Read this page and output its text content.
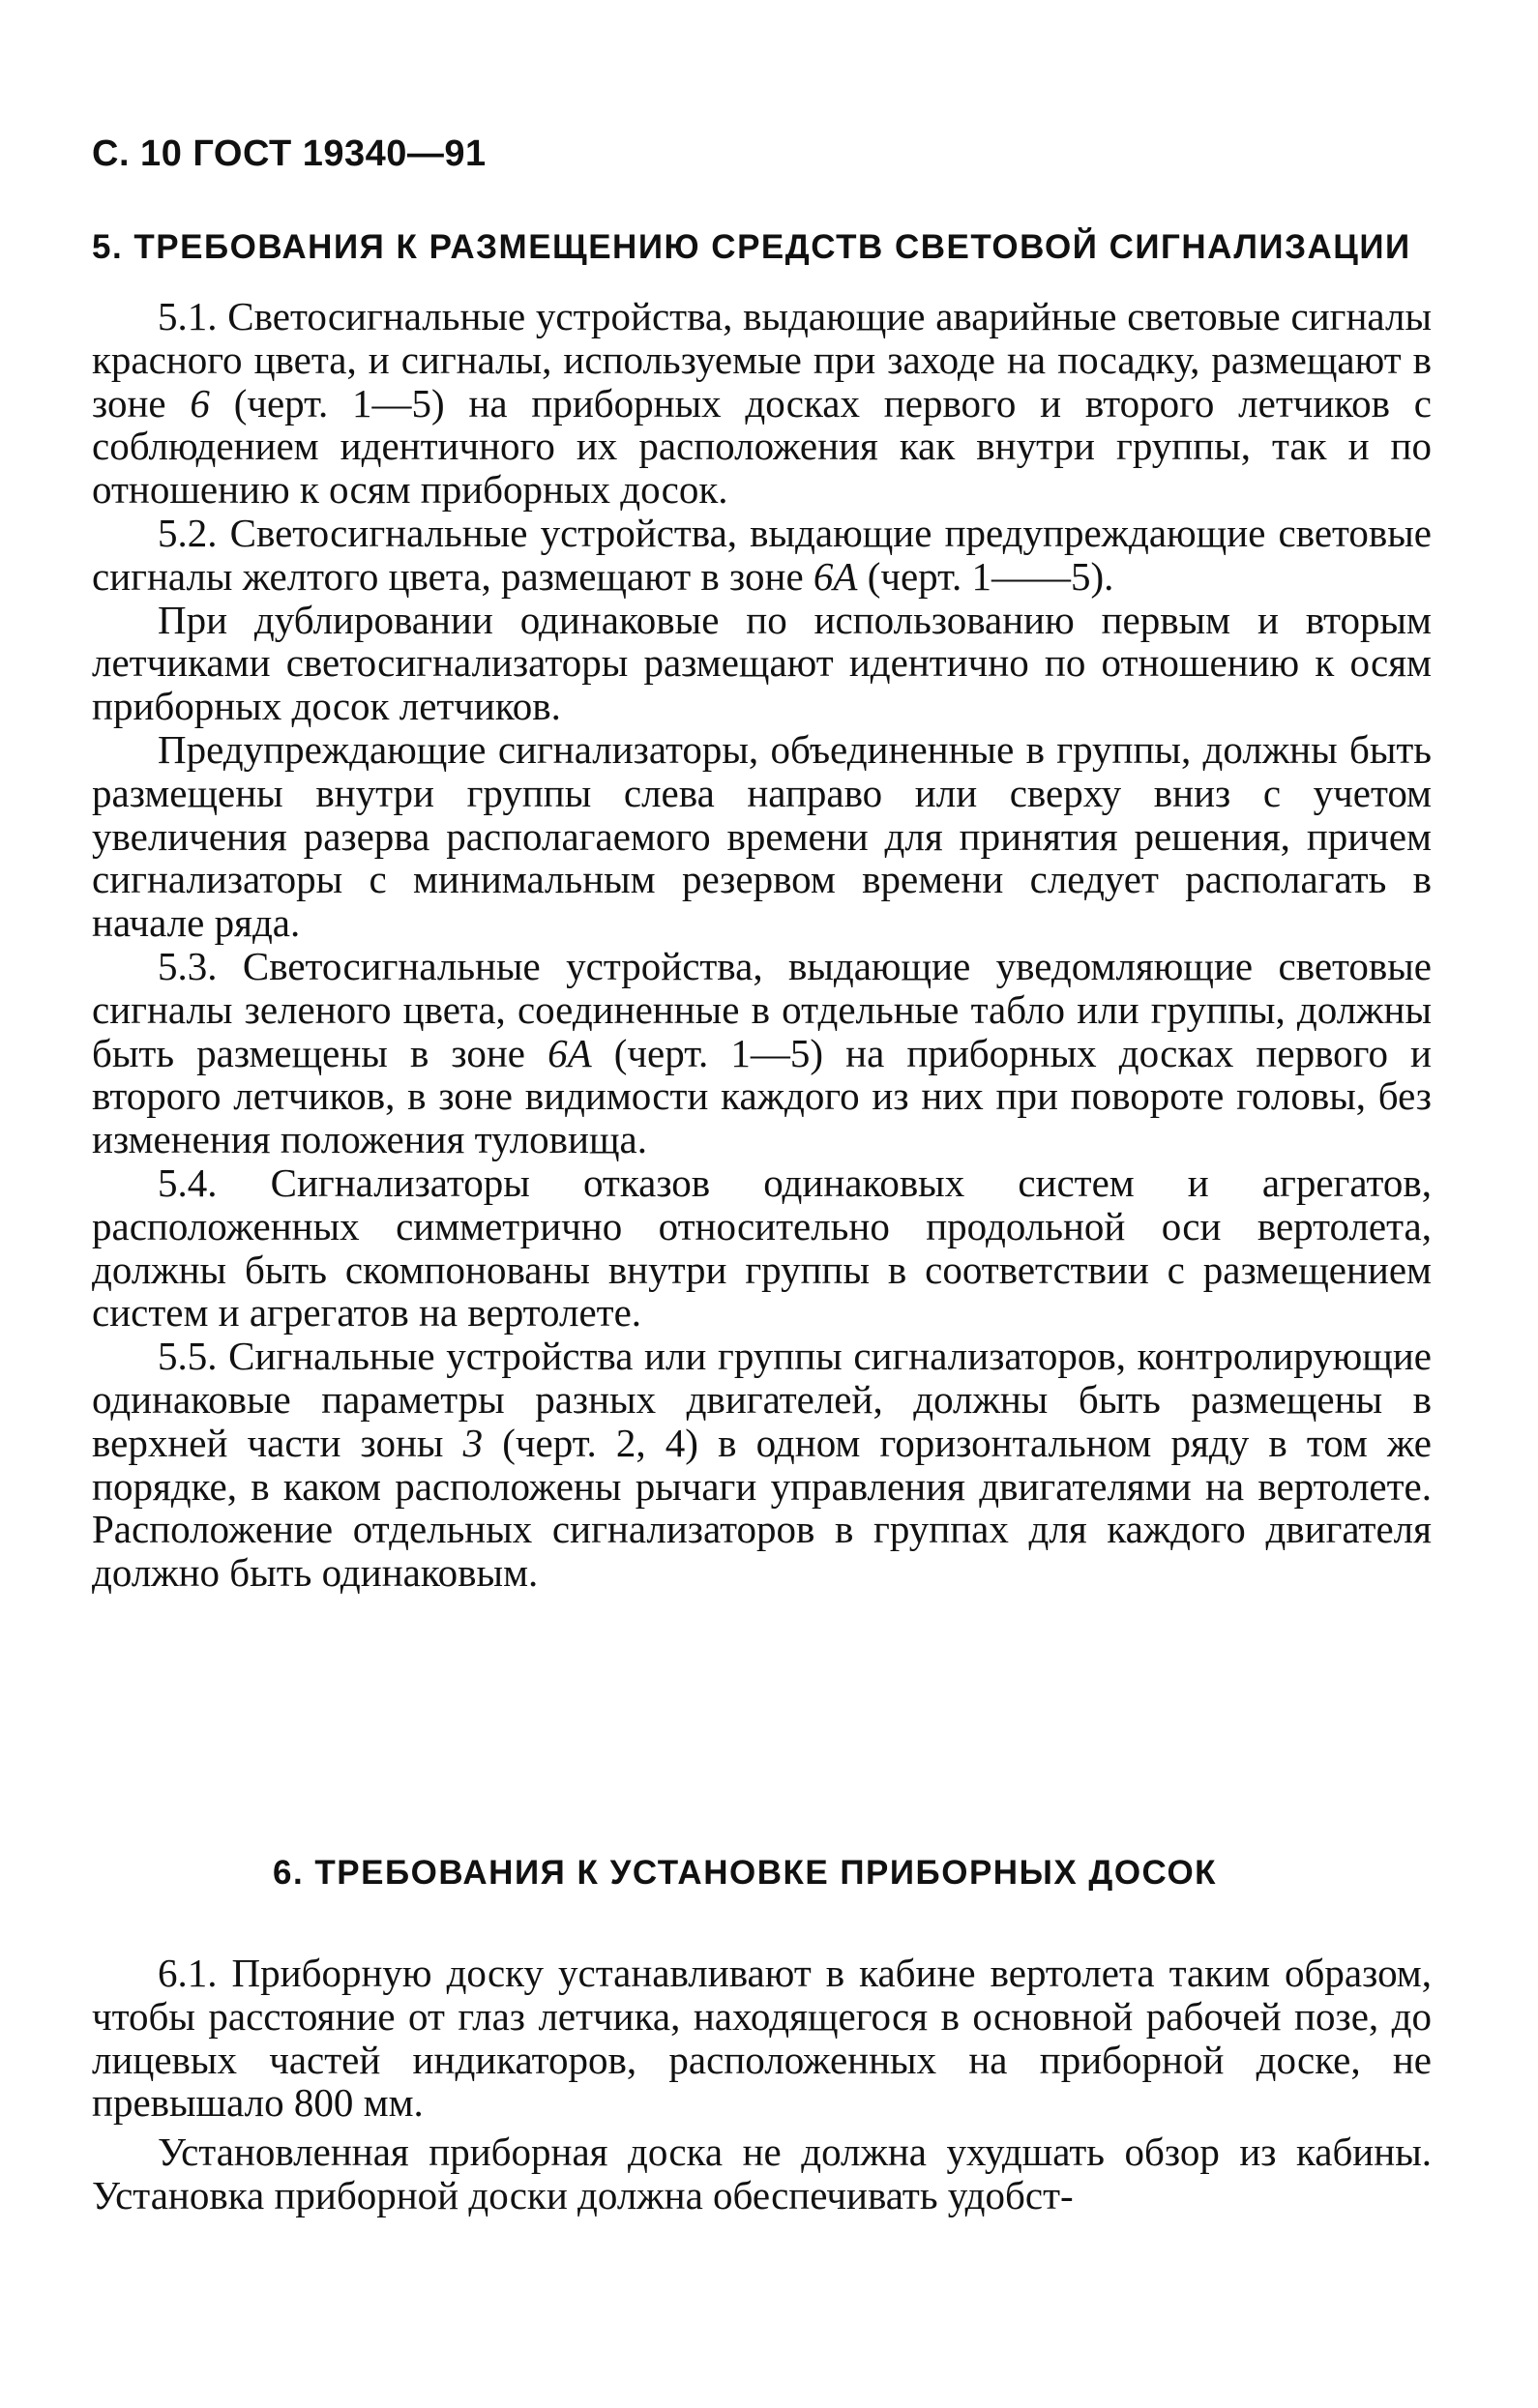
С. 10 ГОСТ 19340—91
5. ТРЕБОВАНИЯ К РАЗМЕЩЕНИЮ СРЕДСТВ СВЕТОВОЙ СИГНАЛИЗАЦИИ

5.1. Светосигнальные устройства, выдающие аварийные световые сигналы красного цвета, и сигналы, используемые при заходе на посадку, размещают в зоне 6 (черт. 1—5) на приборных досках первого и второго летчиков с соблюдением идентичного их расположения как внутри группы, так и по отношению к осям приборных досок.

5.2. Светосигнальные устройства, выдающие предупреждающие световые сигналы желтого цвета, размещают в зоне 6А (черт. 1——5).

При дублировании одинаковые по использованию первым и вторым летчиками светосигнализаторы размещают идентично по отношению к осям приборных досок летчиков.

Предупреждающие сигнализаторы, объединенные в группы, должны быть размещены внутри группы слева направо или сверху вниз с учетом увеличения разерва располагаемого времени для принятия решения, причем сигнализаторы с минимальным резервом времени следует располагать в начале ряда.

5.3. Светосигнальные устройства, выдающие уведомляющие световые сигналы зеленого цвета, соединенные в отдельные табло или группы, должны быть размещены в зоне 6А (черт. 1—5) на приборных досках первого и второго летчиков, в зоне видимости каждого из них при повороте головы, без изменения положения туловища.

5.4. Сигнализаторы отказов одинаковых систем и агрегатов, расположенных симметрично относительно продольной оси вертолета, должны быть скомпонованы внутри группы в соответствии с размещением систем и агрегатов на вертолете.

5.5. Сигнальные устройства или группы сигнализаторов, контролирующие одинаковые параметры разных двигателей, должны быть размещены в верхней части зоны 3 (черт. 2, 4) в одном горизонтальном ряду в том же порядке, в каком расположены рычаги управления двигателями на вертолете. Расположение отдельных сигнализаторов в группах для каждого двигателя должно быть одинаковым.

6. ТРЕБОВАНИЯ К УСТАНОВКЕ ПРИБОРНЫХ ДОСОК

6.1. Приборную доску устанавливают в кабине вертолета таким образом, чтобы расстояние от глаз летчика, находящегося в основной рабочей позе, до лицевых частей индикаторов, расположенных на приборной доске, не превышало 800 мм.

Установленная приборная доска не должна ухудшать обзор из кабины. Установка приборной доски должна обеспечивать удобст-
